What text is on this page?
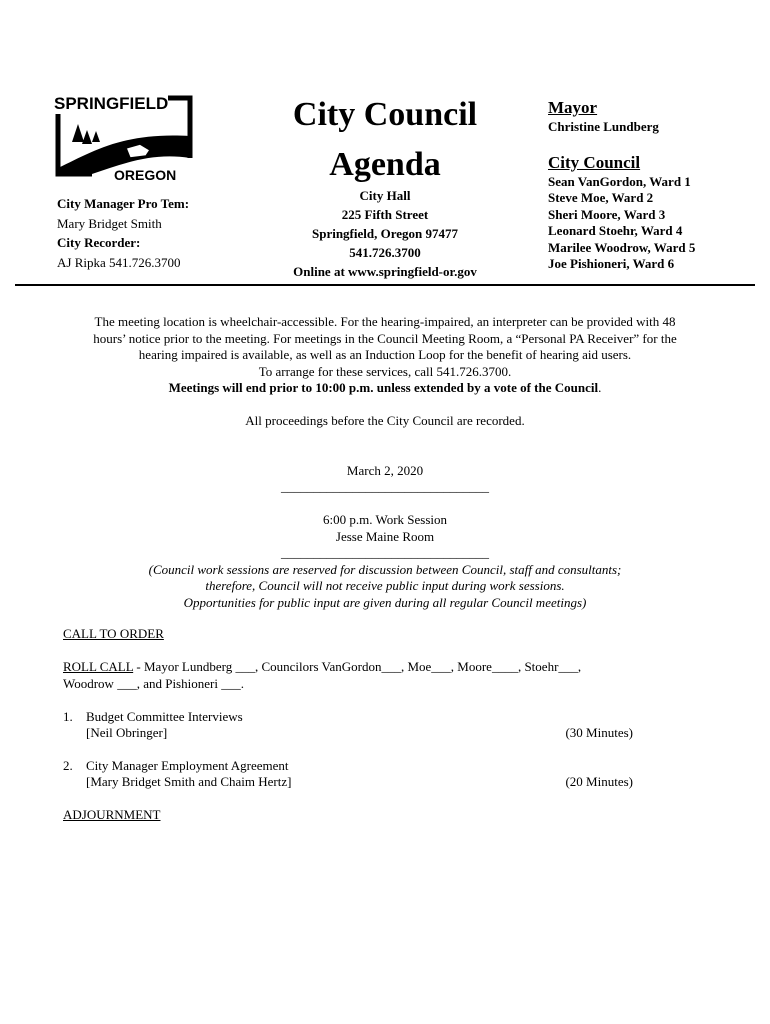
SPRINGFIELD
OREGON
City Manager Pro Tem:
Mary Bridget Smith
City Recorder:
AJ Ripka 541.726.3700
City Council
Agenda
City Hall
225 Fifth Street
Springfield, Oregon 97477
541.726.3700
Online at www.springfield-or.gov
Mayor
Christine Lundberg
City Council
Sean VanGordon, Ward 1
Steve Moe, Ward 2
Sheri Moore, Ward 3
Leonard Stoehr, Ward 4
Marilee Woodrow, Ward 5
Joe Pishioneri, Ward 6
The meeting location is wheelchair-accessible. For the hearing-impaired, an interpreter can be provided with 48
hours’ notice prior to the meeting. For meetings in the Council Meeting Room, a “Personal PA Receiver” for the
hearing impaired is available, as well as an Induction Loop for the benefit of hearing aid users.
To arrange for these services, call 541.726.3700.
Meetings will end prior to 10:00 p.m. unless extended by a vote of the Council.
All proceedings before the City Council are recorded.
March 2, 2020
________________________________
6:00 p.m. Work Session
Jesse Maine Room
________________________________
(Council work sessions are reserved for discussion between Council, staff and consultants;
therefore, Council will not receive public input during work sessions.
Opportunities for public input are given during all regular Council meetings)
CALL TO ORDER
ROLL CALL - Mayor Lundberg ___, Councilors VanGordon___, Moe___, Moore____, Stoehr___,
Woodrow ___, and Pishioneri ___.
1. Budget Committee Interviews
[Neil Obringer]	(30 Minutes)
2. City Manager Employment Agreement
[Mary Bridget Smith and Chaim Hertz]	(20 Minutes)
ADJOURNMENT
